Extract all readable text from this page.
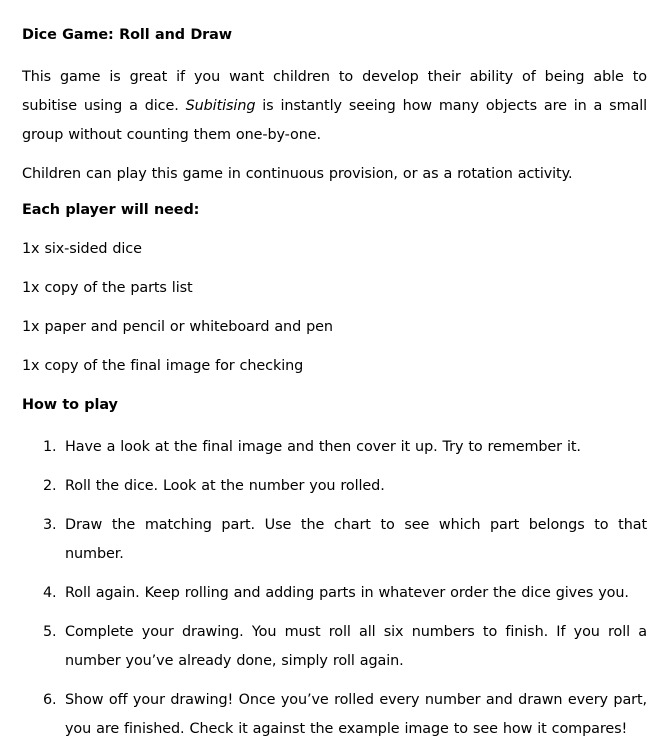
Dice Game: Roll and Draw

This game is great if you want children to develop their ability of being able to subitise using a dice. Subitising is instantly seeing how many objects are in a small group without counting them one-by-one.

Children can play this game in continuous provision, or as a rotation activity.

Each player will need:
1x six-sided dice
1x copy of the parts list
1x paper and pencil or whiteboard and pen
1x copy of the final image for checking
How to play
1. Have a look at the final image and then cover it up. Try to remember it.
2. Roll the dice. Look at the number you rolled.
3. Draw the matching part. Use the chart to see which part belongs to that number.
4. Roll again. Keep rolling and adding parts in whatever order the dice gives you.
5. Complete your drawing. You must roll all six numbers to finish. If you roll a number you’ve already done, simply roll again.
6. Show off your drawing! Once you’ve rolled every number and drawn every part, you are finished. Check it against the example image to see how it compares!
